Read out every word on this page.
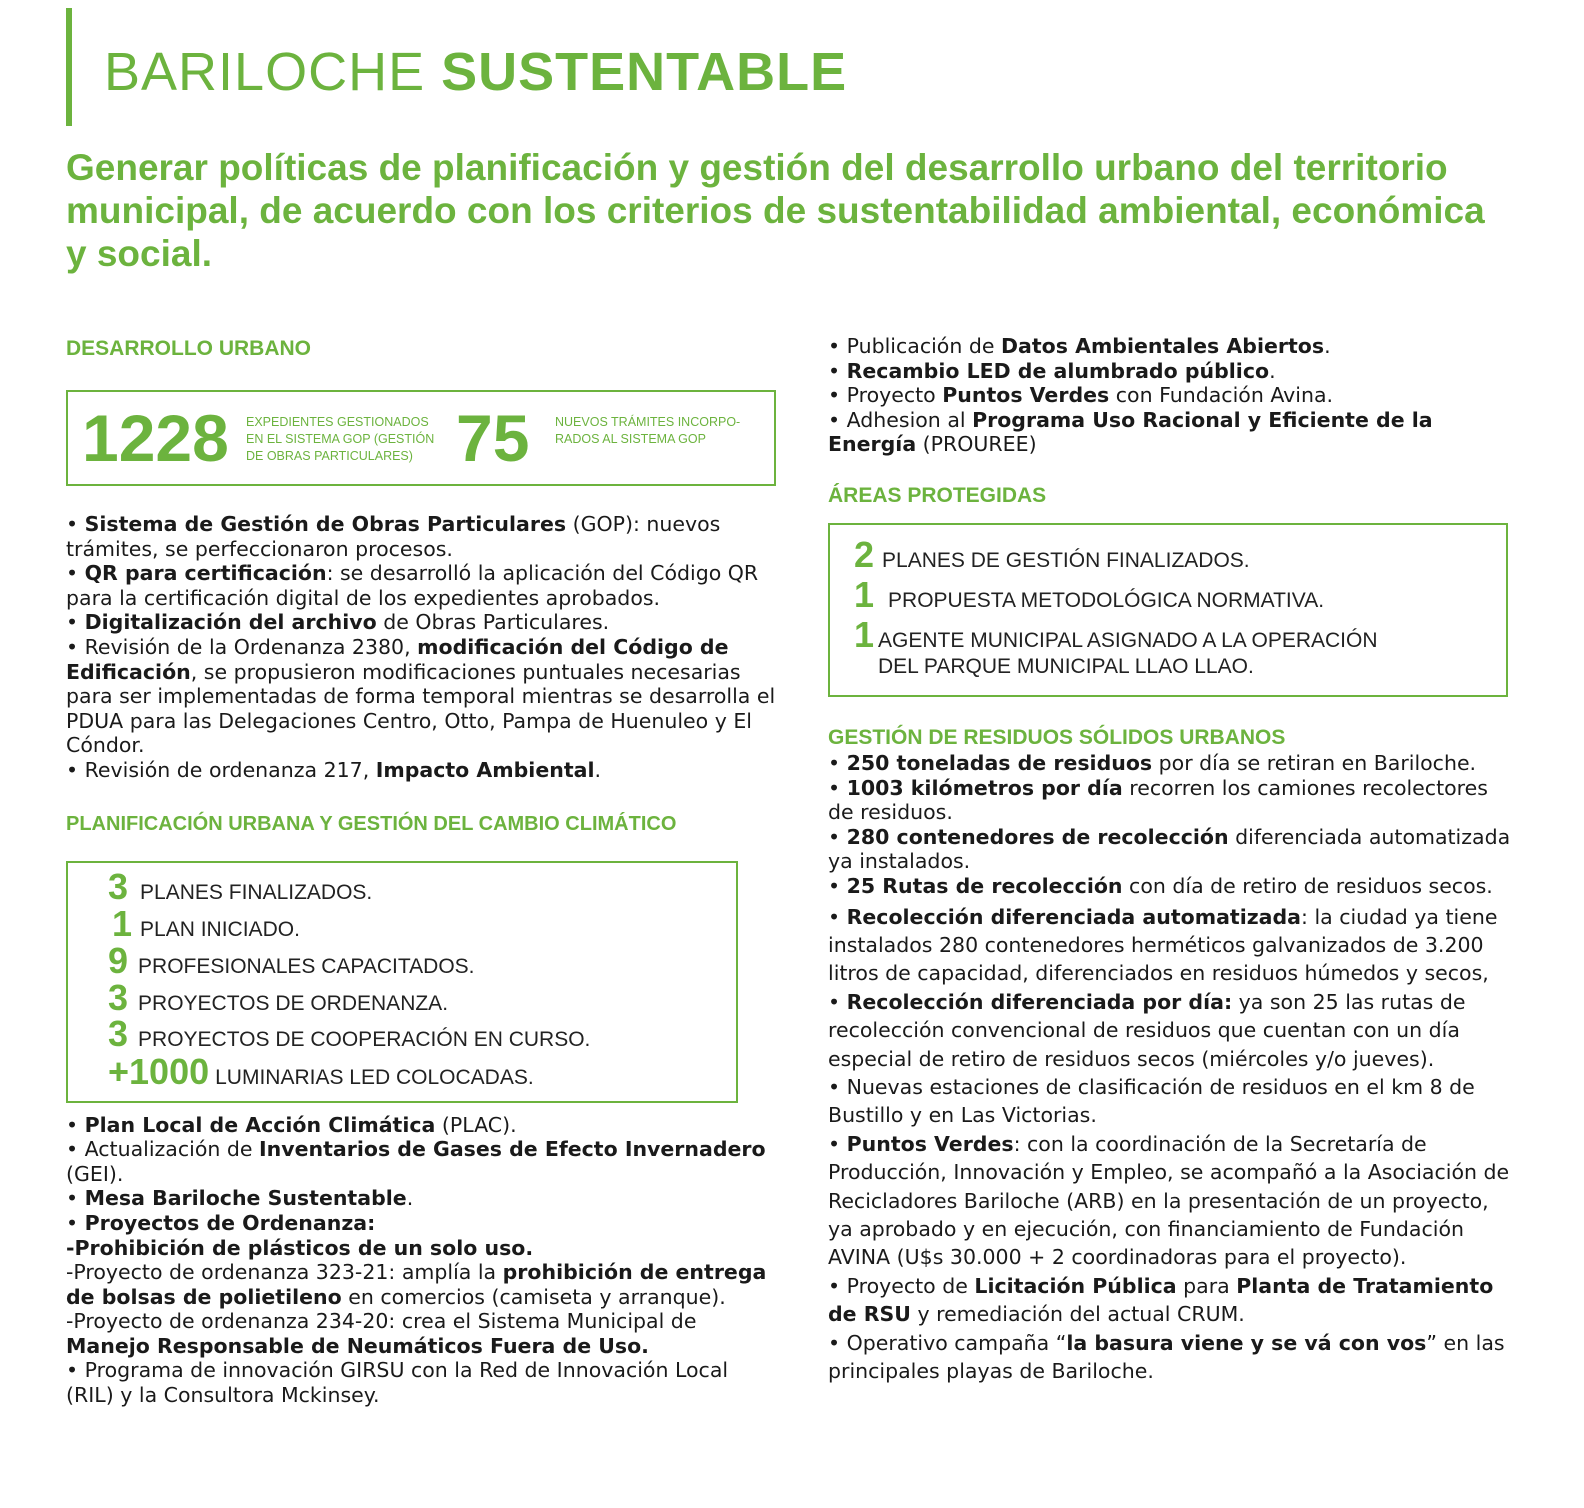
BARILOCHE SUSTENTABLE
Generar políticas de planificación y gestión del desarrollo urbano del territorio municipal, de acuerdo con los criterios de sustentabilidad ambiental, económica y social.
DESARROLLO URBANO
1228 EXPEDIENTES GESTIONADOS
EN EL SISTEMA GOP (GESTIÓN
DE OBRAS PARTICULARES) 75 NUEVOS TRÁMITES INCORPO-
RADOS AL SISTEMA GOP
• Sistema de Gestión de Obras Particulares (GOP): nuevos trámites, se perfeccionaron procesos.
• QR para certificación: se desarrolló la aplicación del Código QR para la certificación digital de los expedientes aprobados.
• Digitalización del archivo de Obras Particulares.
• Revisión de la Ordenanza 2380, modificación del Código de Edificación, se propusieron modificaciones puntuales necesarias para ser implementadas de forma temporal mientras se desarrolla el PDUA para las Delegaciones Centro, Otto, Pampa de Huenuleo y El Cóndor.
• Revisión de ordenanza 217, Impacto Ambiental.
PLANIFICACIÓN URBANA Y GESTIÓN DEL CAMBIO CLIMÁTICO
3 PLANES FINALIZADOS.
1 PLAN INICIADO.
9 PROFESIONALES CAPACITADOS.
3 PROYECTOS DE ORDENANZA.
3 PROYECTOS DE COOPERACIÓN EN CURSO.
+1000 LUMINARIAS LED COLOCADAS.
• Plan Local de Acción Climática (PLAC).
• Actualización de Inventarios de Gases de Efecto Invernadero (GEI).
• Mesa Bariloche Sustentable.
• Proyectos de Ordenanza:
-Prohibición de plásticos de un solo uso.
-Proyecto de ordenanza 323-21: amplía la prohibición de entrega de bolsas de polietileno en comercios (camiseta y arranque).
-Proyecto de ordenanza 234-20: crea el Sistema Municipal de Manejo Responsable de Neumáticos Fuera de Uso.
• Programa de innovación GIRSU con la Red de Innovación Local (RIL) y la Consultora Mckinsey.
• Publicación de Datos Ambientales Abiertos.
• Recambio LED de alumbrado público.
• Proyecto Puntos Verdes con Fundación Avina.
• Adhesion al Programa Uso Racional y Eficiente de la Energía (PROUREE)
ÁREAS PROTEGIDAS
2 PLANES DE GESTIÓN FINALIZADOS.
1 PROPUESTA METODOLÓGICA NORMATIVA.
1 AGENTE MUNICIPAL ASIGNADO A LA OPERACIÓN
DEL PARQUE MUNICIPAL LLAO LLAO.
GESTIÓN DE RESIDUOS SÓLIDOS URBANOS
• 250 toneladas de residuos por día se retiran en Bariloche.
• 1003 kilómetros por día recorren los camiones recolectores de residuos.
• 280 contenedores de recolección diferenciada automatizada ya instalados.
• 25 Rutas de recolección con día de retiro de residuos secos.
• Recolección diferenciada automatizada: la ciudad ya tiene instalados 280 contenedores herméticos galvanizados de 3.200 litros de capacidad, diferenciados en residuos húmedos y secos,
• Recolección diferenciada por día: ya son 25 las rutas de recolección convencional de residuos que cuentan con un día especial de retiro de residuos secos (miércoles y/o jueves).
• Nuevas estaciones de clasificación de residuos en el km 8 de Bustillo y en Las Victorias.
• Puntos Verdes: con la coordinación de la Secretaría de Producción, Innovación y Empleo, se acompañó a la Asociación de Recicladores Bariloche (ARB) en la presentación de un proyecto, ya aprobado y en ejecución, con financiamiento de Fundación AVINA (U$s 30.000 + 2 coordinadoras para el proyecto).
• Proyecto de Licitación Pública para Planta de Tratamiento de RSU y remediación del actual CRUM.
• Operativo campaña “la basura viene y se vá con vos” en las principales playas de Bariloche.
